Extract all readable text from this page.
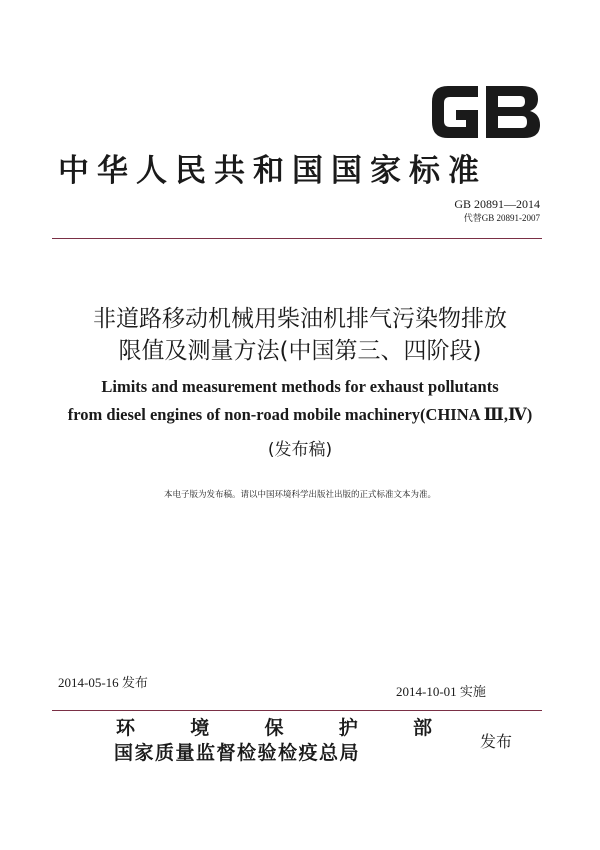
中华人民共和国国家标准
GB 20891—2014
代替GB 20891-2007
非道路移动机械用柴油机排气污染物排放
限值及测量方法(中国第三、四阶段)
Limits and measurement methods for exhaust pollutants
from diesel engines of non-road mobile machinery(CHINA Ⅲ,Ⅳ)
(发布稿)
本电子版为发布稿。请以中国环境科学出版社出版的正式标准文本为准。
2014-05-16 发布
2014-10-01 实施
环	境	保	护	部
国家质量监督检验检疫总局
发布
